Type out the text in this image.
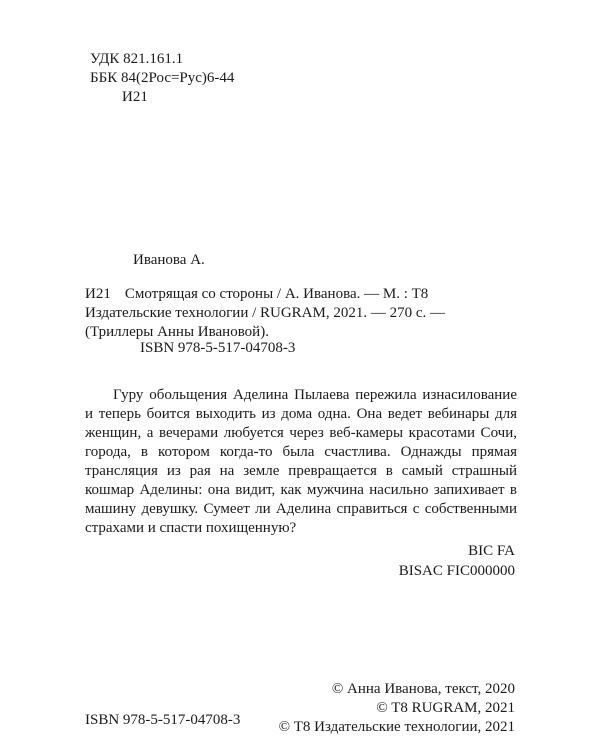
УДК 821.161.1
ББК 84(2Рос=Рус)6-44
И21
Иванова А.

И21 Смотрящая со стороны / А. Иванова. — М. : Т8 Издательские технологии / RUGRAM, 2021. — 270 с. — (Триллеры Анны Ивановой).

ISBN 978-5-517-04708-3

Гуру обольщения Аделина Пылаева пережила изнасилование и теперь боится выходить из дома одна. Она ведет вебинары для женщин, а вечерами любуется через веб-камеры красотами Сочи, города, в котором когда-то была счастлива. Однажды прямая трансляция из рая на земле превращается в самый страшный кошмар Аделины: она видит, как мужчина насильно запихивает в машину девушку. Сумеет ли Аделина справиться с собственными страхами и спасти похищенную?

BIC FA
BISAC FIC000000
© Анна Иванова, текст, 2020
© T8 RUGRAM, 2021
© Т8 Издательские технологии, 2021
ISBN 978-5-517-04708-3
